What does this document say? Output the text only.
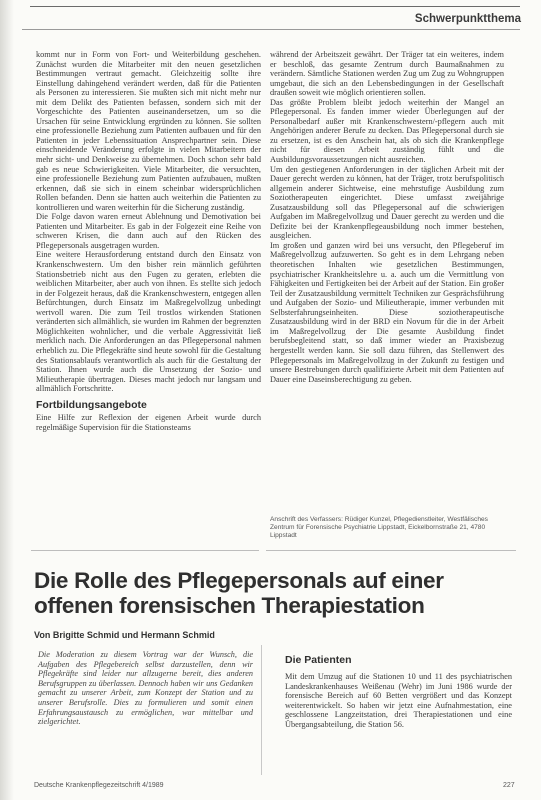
Schwerpunktthema

kommt nur in Form von Fort- und Weiterbildung geschehen. Zunächst wurden die Mitarbeiter mit den neuen gesetzlichen Bestimmungen vertraut gemacht. Gleichzeitig sollte ihre Einstellung dahingehend verändert werden, daß für die Patienten als Personen zu interessieren. Sie mußten sich mit nicht mehr nur mit dem Delikt des Patienten befassen, sondern sich mit der Vorgeschichte des Patienten auseinandersetzen, um so die Ursachen für seine Entwicklung ergründen zu können. Sie sollten eine professionelle Beziehung zum Patienten aufbauen und für den Patienten in jeder Lebenssituation Ansprechpartner sein. Diese einschneidende Veränderung erfolgte in vielen Mitarbeitern der mehr sicht- und Denkweise zu übernehmen. Doch schon sehr bald gab es neue Schwierigkeiten. Viele Mitarbeiter, die versuchten, eine professionelle Beziehung zum Patienten aufzubauen, mußten erkennen, daß sie sich in einem scheinbar widersprüchlichen Rollen befanden. Denn sie hatten auch weiterhin die Patienten zu kontrollieren und waren weiterhin für die Sicherung zuständig.

Die Folge davon waren erneut Ablehnung und Demotivation bei Patienten und Mitarbeiter. Es gab in der Folgezeit eine Reihe von schweren Krisen, die dann auch auf den Rücken des Pflegepersonals ausgetragen wurden.

Eine weitere Herausforderung entstand durch den Einsatz von Krankenschwestern. Um den bisher rein männlich geführten Stationsbetrieb nicht aus den Fugen zu geraten, erlebten die weiblichen Mitarbeiter, aber auch von ihnen. Es stellte sich jedoch in der Folgezeit heraus, daß die Krankenschwestern, entgegen allen Befürchtungen, durch Einsatz im Maßregelvollzug unbedingt wertvoll waren. Die zum Teil trostlos wirkenden Stationen veränderten sich allmählich, sie wurden im Rahmen der begrenzten Möglichkeiten wohnlicher, und die verbale Aggressivität ließ merklich nach. Die Anforderungen an das Pflegepersonal nahmen erheblich zu. Die Pflegekräfte sind heute sowohl für die Gestaltung des Stationsablaufs verantwortlich als auch für die Gestaltung der Station. Ihnen wurde auch die Umsetzung der Sozio- und Milieutherapie übertragen. Dieses macht jedoch nur langsam und allmählich Fortschritte.

Fortbildungsangebote

Eine Hilfe zur Reflexion der eigenen Arbeit wurde durch regelmäßige Supervision für die Stationsteams

während der Arbeitszeit gewährt. Der Träger tat ein weiteres, indem er beschloß, das gesamte Zentrum durch Baumaßnahmen zu verändern. Sämtliche Stationen werden Zug um Zug zu Wohngruppen umgebaut, die sich an den Lebensbedingungen in der Gesellschaft draußen soweit wie möglich orientieren sollen.

Das größte Problem bleibt jedoch weiterhin der Mangel an Pflegepersonal. Es fanden immer wieder Überlegungen auf der Personalbedarf außer mit Krankenschwestern/-pflegern auch mit Angehörigen anderer Berufe zu decken. Das Pflegepersonal durch sie zu ersetzen, ist es den Anschein hat, als ob sich die Krankenpflege nicht für diesen Arbeit zuständig fühlt und die Ausbildungsvoraussetzungen nicht ausreichen.

Um den gestiegenen Anforderungen in der täglichen Arbeit mit der Dauer gerecht werden zu können, hat der Träger, trotz berufspolitisch allgemein anderer Sichtweise, eine mehrstufige Ausbildung zum Soziotherapeuten eingerichtet. Diese umfasst zweijährige Zusatzausbildung soll das Pflegepersonal auf die schwierigen Aufgaben im Maßregelvollzug und Dauer gerecht zu werden und die Defizite bei der Krankenpflegeausbildung noch immer bestehen, ausgleichen.

Im großen und ganzen wird bei uns versucht, den Pflegeberuf im Maßregelvollzug aufzuwerten. So geht es in dem Lehrgang neben theoretischen Inhalten wie gesetzlichen Bestimmungen, psychiatrischer Krankheitslehre u. a. auch um die Vermittlung von Fähigkeiten und Fertigkeiten bei der Arbeit auf der Station. Ein großer Teil der Zusatzausbildung vermittelt Techniken zur Gesprächsführung und Aufgaben der Sozio- und Milieutherapie, immer verbunden mit Selbsterfahrungseinheiten. Diese soziotherapeutische Zusatzausbildung wird in der BRD ein Novum für die in der Arbeit im Maßregelvollzug der Die gesamte Ausbildung findet berufsbegleitend statt, so daß immer wieder an Praxisbezug hergestellt werden kann. Sie soll dazu führen, das Stellenwert des Pflegepersonals im Maßregelvollzug in der Zukunft zu festigen und unsere Bestrebungen durch qualifizierte Arbeit mit dem Patienten auf Dauer eine Daseinsberechtigung zu geben.

Anschrift des Verfassers: Rüdiger Kunzel, Pflegedienstleiter, Westfälisches Zentrum für Forensische Psychiatrie Lippstadt, Eickelbornstraße 21, 4780 Lippstadt
Die Rolle des Pflegepersonals auf einer offenen forensischen Therapiestation
Von Brigitte Schmid und Hermann Schmid
Die Moderation zu diesem Vortrag war der Wunsch, die Aufgaben des Pflegebereich selbst darzustellen, denn wir Pflegekräfte sind leider nur allzugerne bereit, dies anderen Berufsgruppen zu überlassen. Dennoch haben wir uns Gedanken gemacht zu unserer Arbeit, zum Konzept der Station und zu unserer Berufsrolle. Dies zu formulieren und somit einen Erfahrungsaustausch zu ermöglichen, war mittelbar und zielgerichtet.
Die Patienten
Mit dem Umzug auf die Stationen 10 und 11 des psychiatrischen Landeskrankenhauses Weißenau (Wehr) im Juni 1986 wurde der forensische Bereich auf 60 Betten vergrößert und das Konzept weiterentwickelt. So haben wir jetzt eine Aufnahmestation, eine geschlossene Langzeitstation, drei Therapiestationen und eine Übergangsabteilung, die Station 56.
Deutsche Krankenpflegezeitschrift 4/1989	227
